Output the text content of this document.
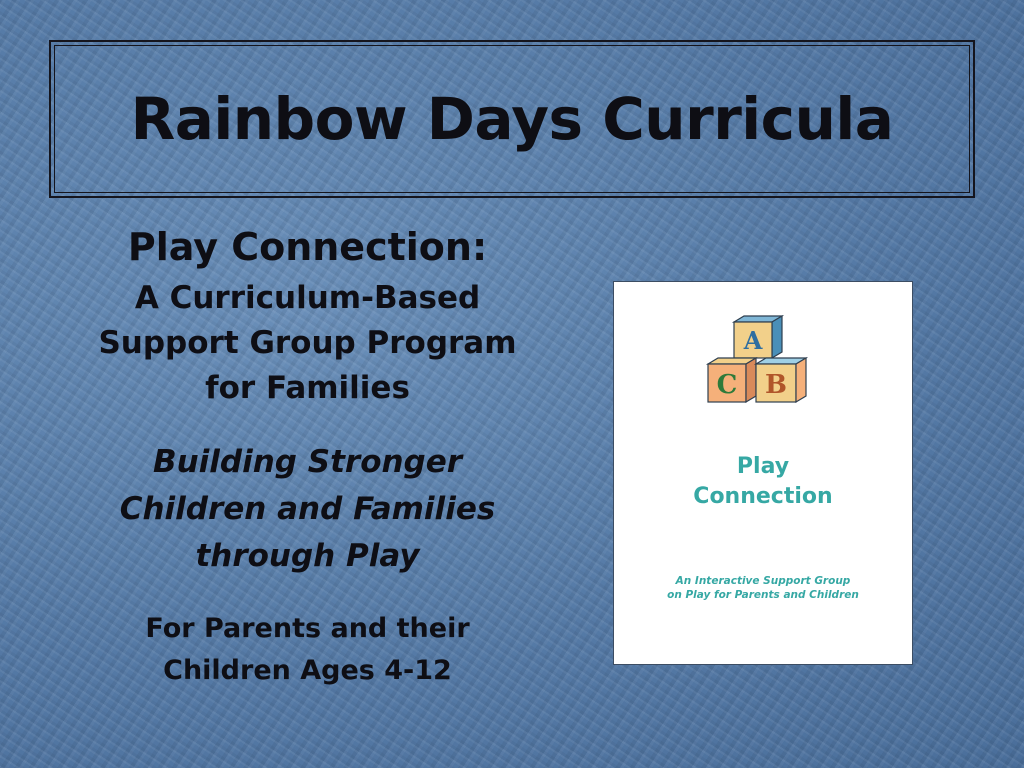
Rainbow Days Curricula
Play Connection:
A Curriculum-Based
Support Group Program
for Families
Building Stronger
Children and Families
through Play
For Parents and their
Children Ages 4-12
A
C B
Play
Connection
An Interactive Support Group
on Play for Parents and Children
